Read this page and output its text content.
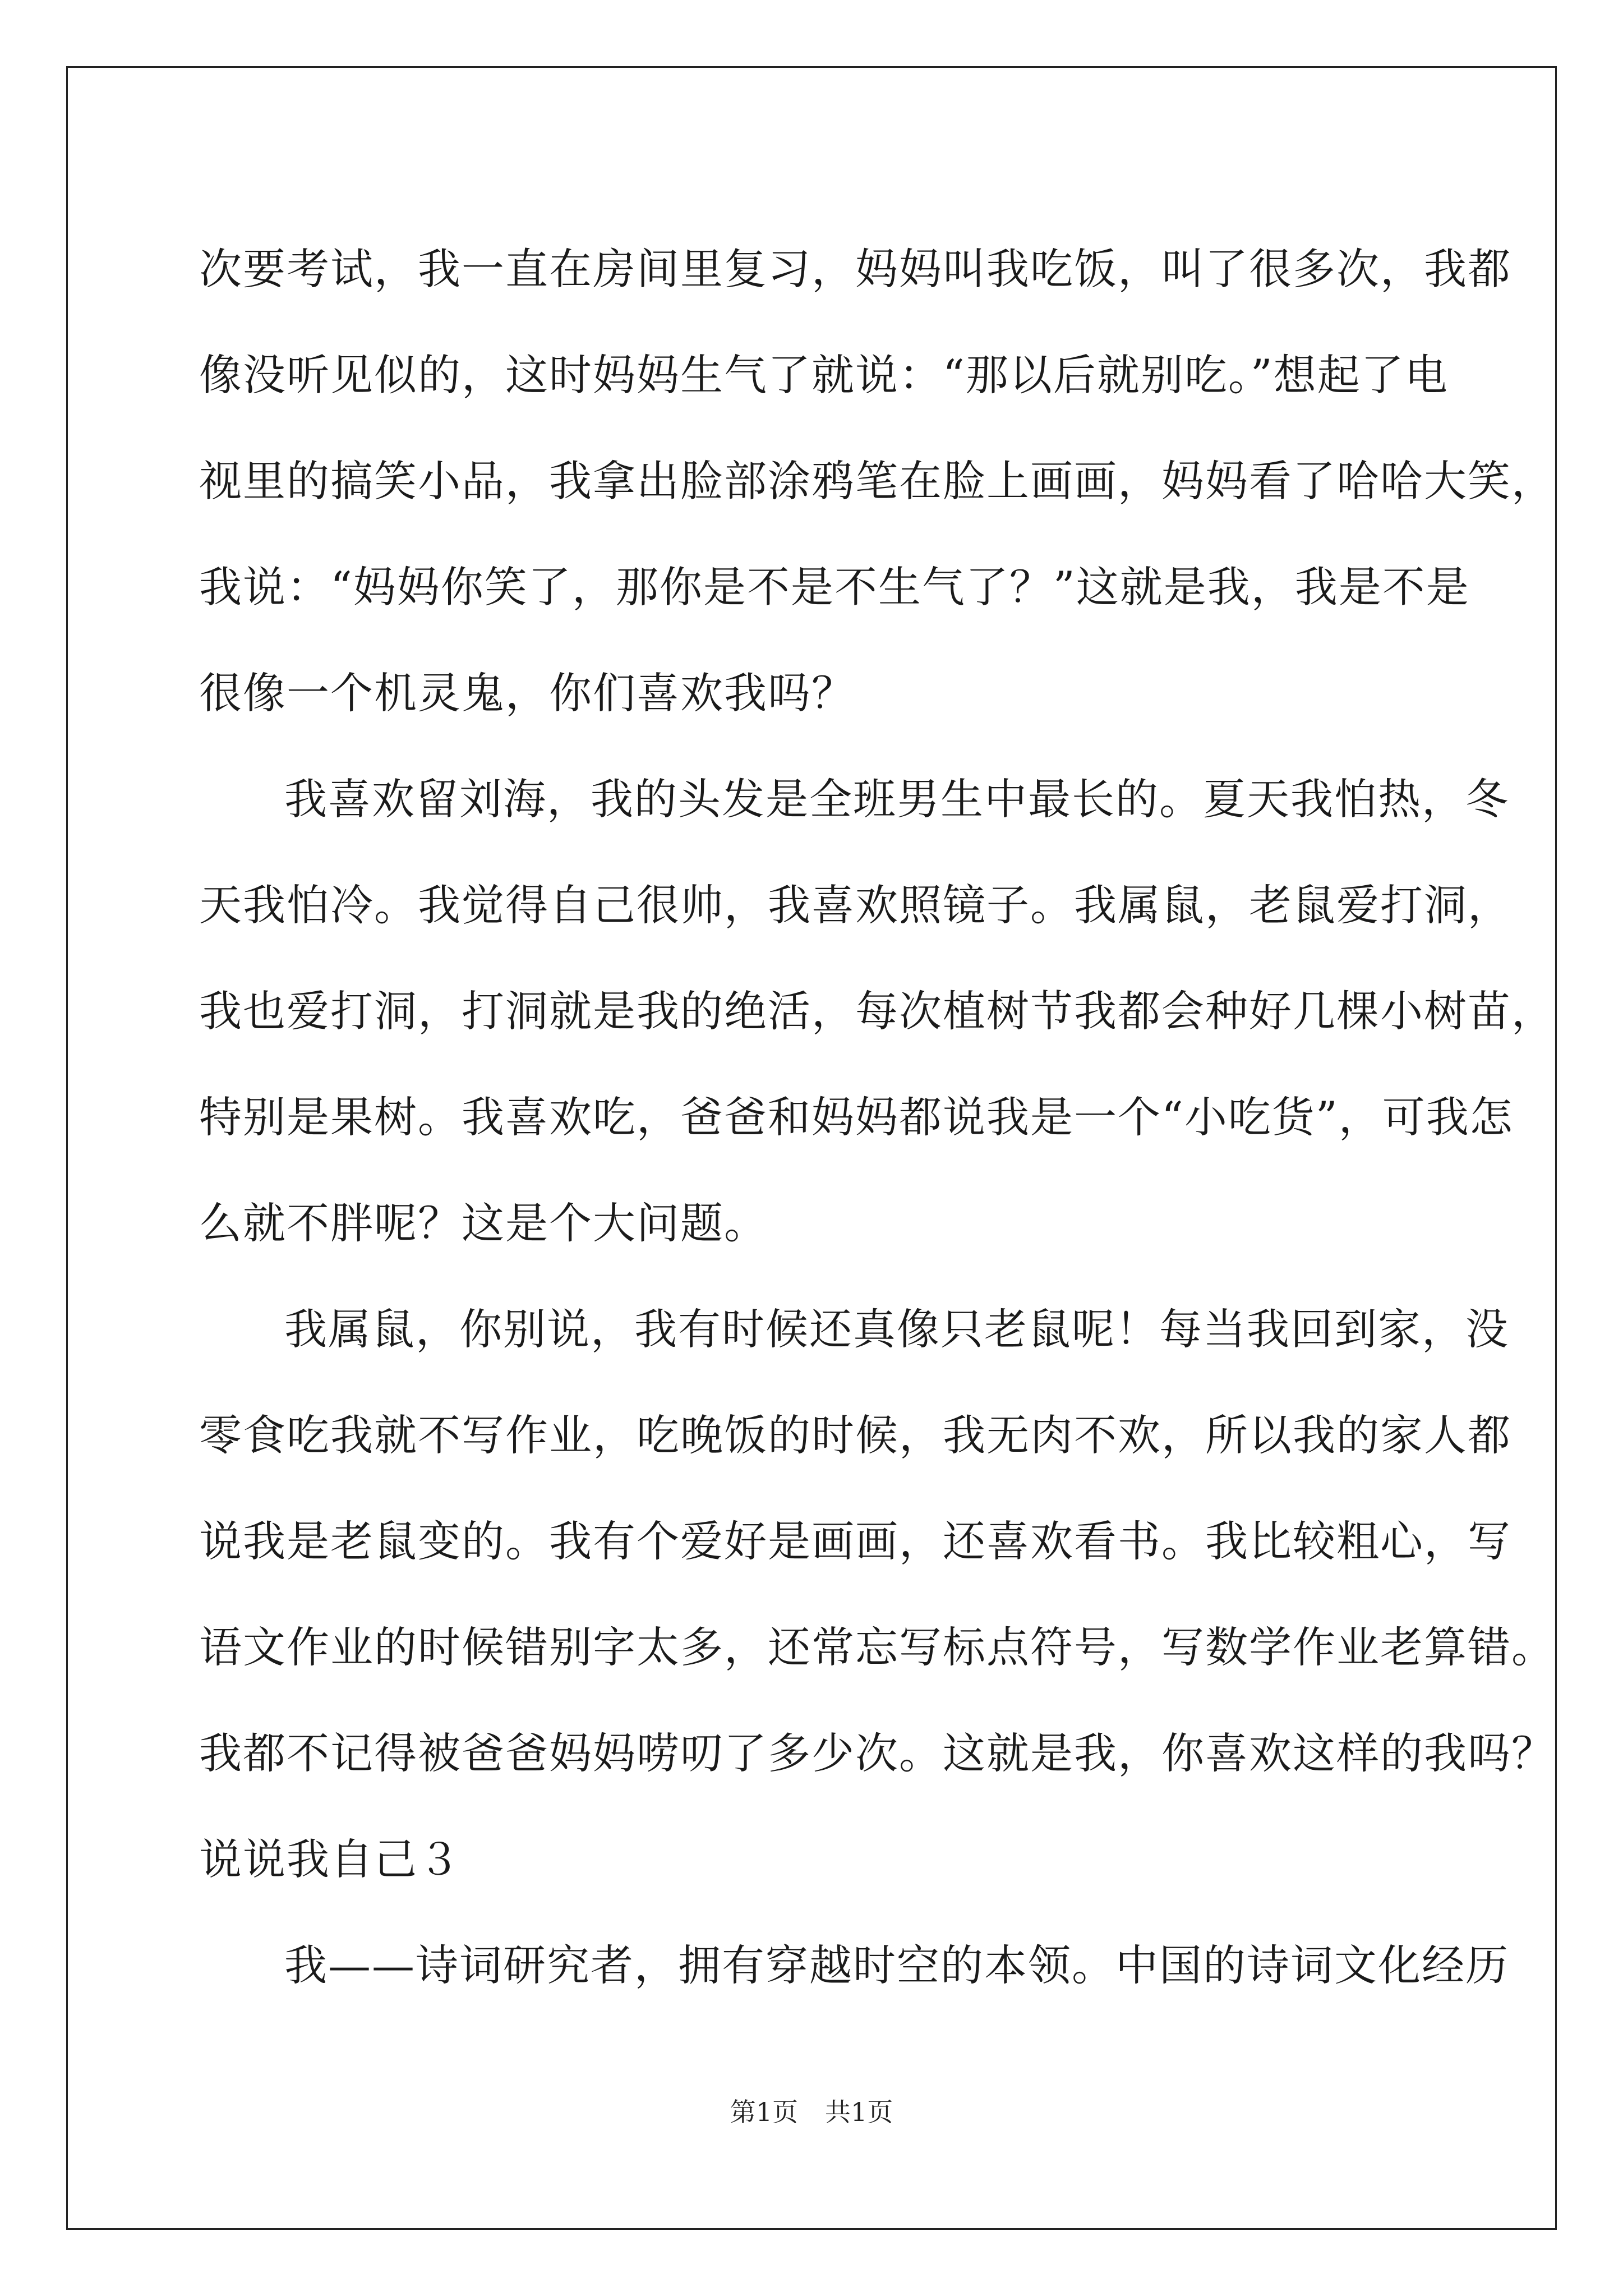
次要考试，我一直在房间里复习，妈妈叫我吃饭，叫了很多次，我都
像没听见似的，这时妈妈生气了就说：“那以后就别吃。”想起了电
视里的搞笑小品，我拿出脸部涂鸦笔在脸上画画，妈妈看了哈哈大笑，
我说：“妈妈你笑了，那你是不是不生气了？”这就是我，我是不是
很像一个机灵鬼，你们喜欢我吗？
我喜欢留刘海，我的头发是全班男生中最长的。夏天我怕热，冬
天我怕冷。我觉得自己很帅，我喜欢照镜子。我属鼠，老鼠爱打洞，
我也爱打洞，打洞就是我的绝活，每次植树节我都会种好几棵小树苗，
特别是果树。我喜欢吃，爸爸和妈妈都说我是一个“小吃货”，可我怎
么就不胖呢？这是个大问题。
我属鼠，你别说，我有时候还真像只老鼠呢！每当我回到家，没
零食吃我就不写作业，吃晚饭的时候，我无肉不欢，所以我的家人都
说我是老鼠变的。我有个爱好是画画，还喜欢看书。我比较粗心，写
语文作业的时候错别字太多，还常忘写标点符号，写数学作业老算错。
我都不记得被爸爸妈妈唠叨了多少次。这就是我，你喜欢这样的我吗？
说说我自己３
我——诗词研究者，拥有穿越时空的本领。中国的诗词文化经历
第1页 共1页
